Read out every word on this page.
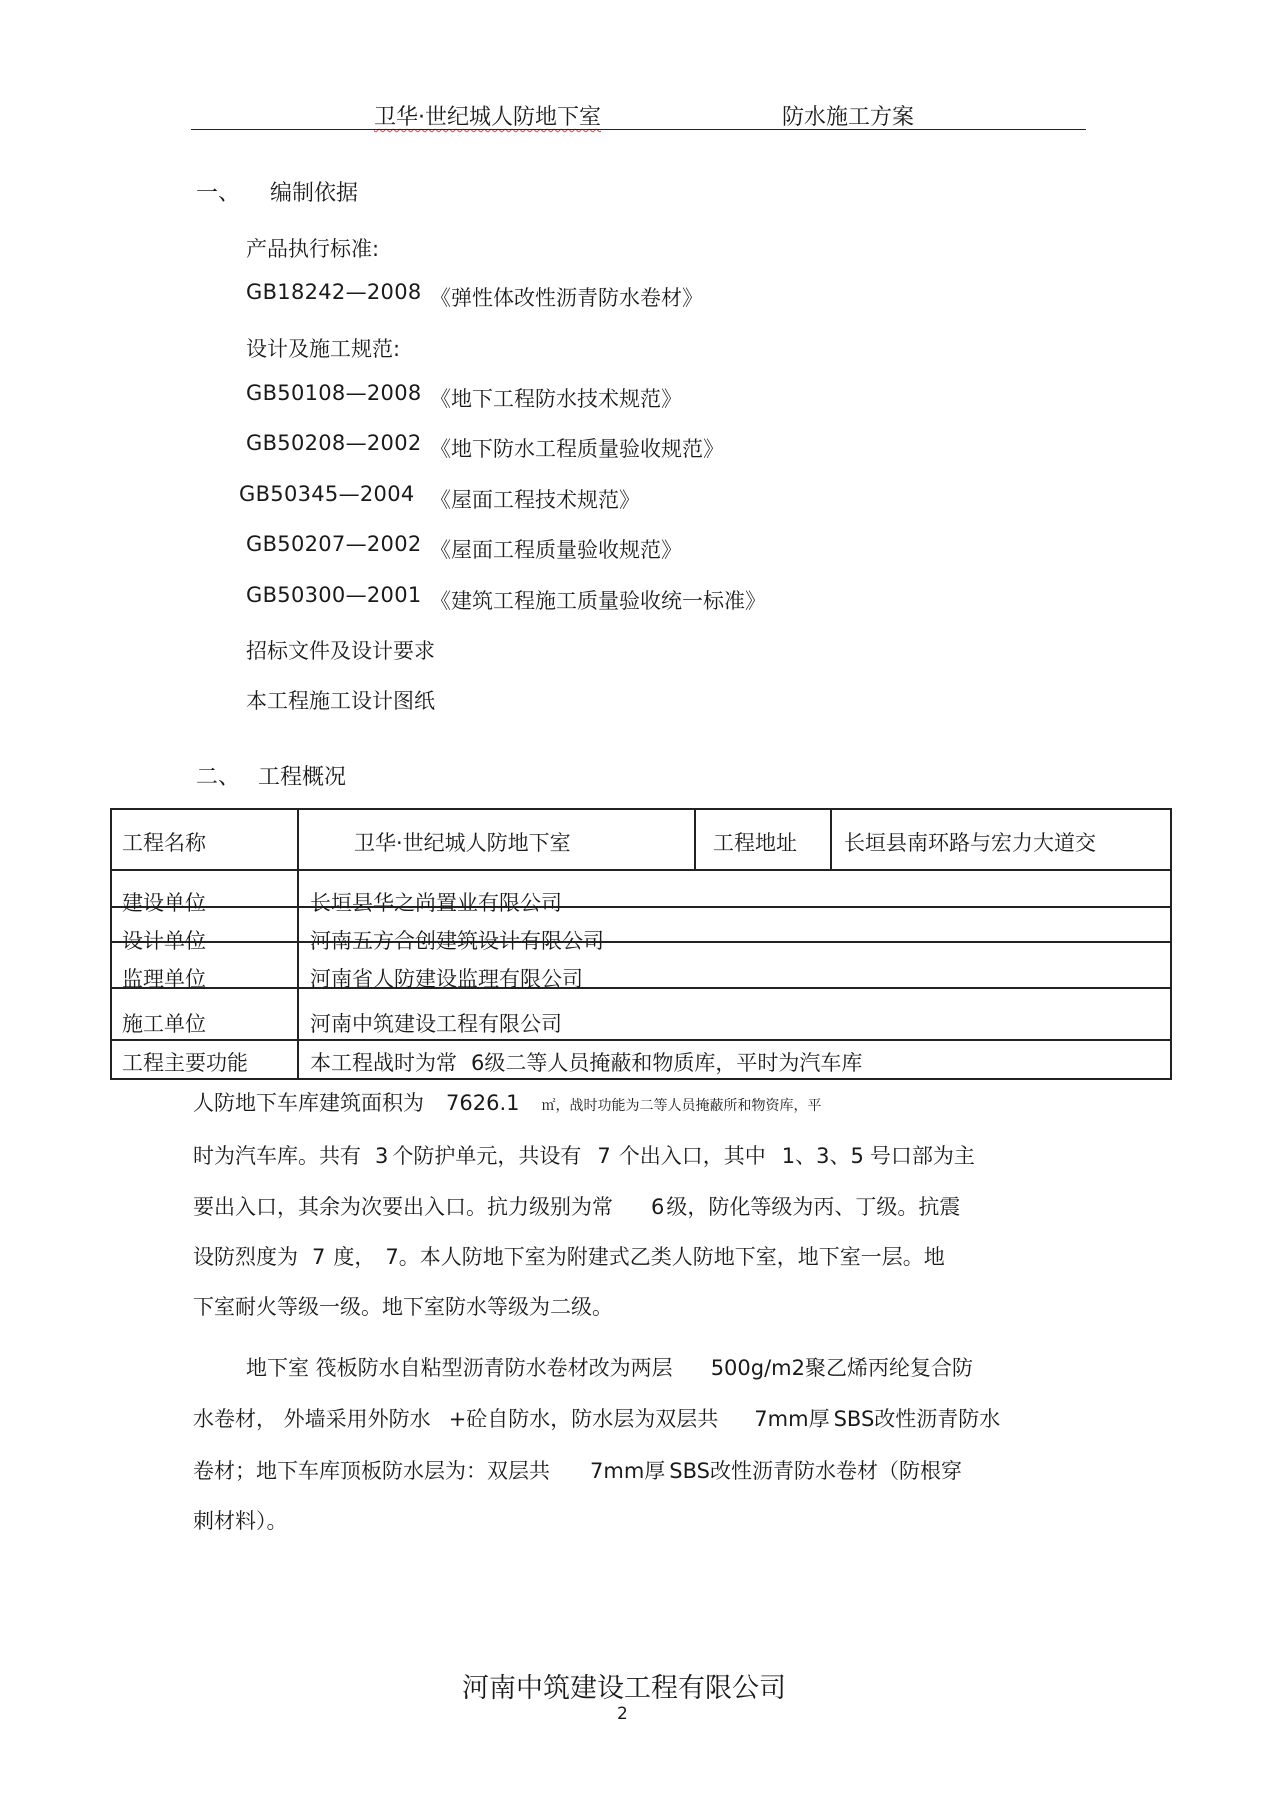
卫华·世纪城人防地下室	防水施工方案
一、 编制依据
产品执行标准:
GB18242—2008 《弹性体改性沥青防水卷材》
设计及施工规范:
GB50108—2008 《地下工程防水技术规范》
GB50208—2002 《地下防水工程质量验收规范》
GB50345—2004 《屋面工程技术规范》
GB50207—2002 《屋面工程质量验收规范》
GB50300—2001 《建筑工程施工质量验收统一标准》
招标文件及设计要求
本工程施工设计图纸
二、 工程概况
工程名称	卫华·世纪城人防地下室	工程地址 长垣县南环路与宏力大道交
建设单位	长垣县华之尚置业有限公司
设计单位	河南五方合创建筑设计有限公司
监理单位	河南省人防建设监理有限公司
施工单位	河南中筑建设工程有限公司
工程主要功能	本工程战时为常 6级二等人员掩蔽和物质库，平时为汽车库
人防地下车库建筑面积为 7626.1 ㎡，战时功能为二等人员掩蔽所和物资库，平
时为汽车库。共有 3 个防护单元，共设有 7 个出入口，其中 1、3、5 号口部为主
要出入口，其余为次要出入口。抗力级别为常 6级，防化等级为丙、丁级。抗震
设防烈度为 7 度， 7。本人防地下室为附建式乙类人防地下室，地下室一层。地
下室耐火等级一级。地下室防水等级为二级。
地下室 筏板防水自粘型沥青防水卷材改为两层 500g/m2聚乙烯丙纶复合防
水卷材， 外墙采用外防水 +砼自防水，防水层为双层共 7mm厚 SBS改性沥青防水
卷材；地下车库顶板防水层为：双层共 7mm厚 SBS改性沥青防水卷材（防根穿
刺材料）。
河南中筑建设工程有限公司
2
